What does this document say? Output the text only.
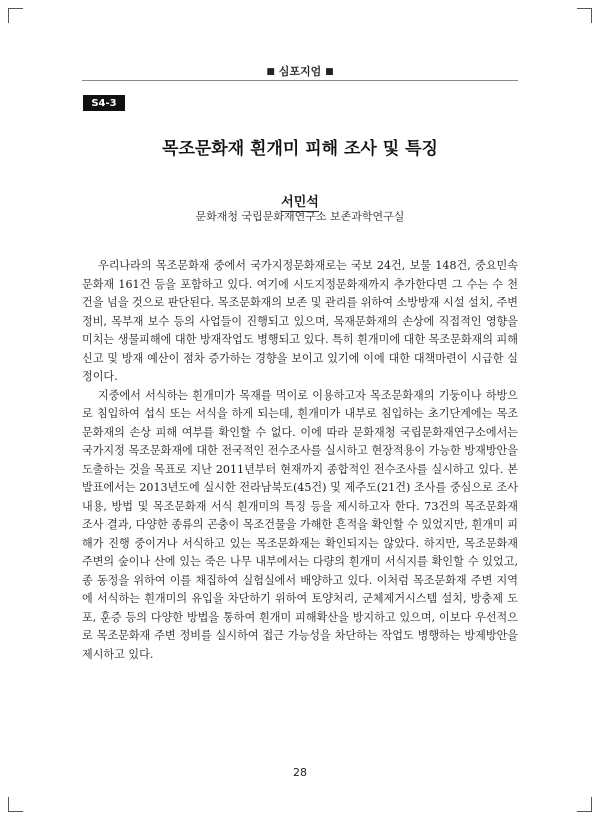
■ 심포지엄 ■
S4-3
목조문화재 흰개미 피해 조사 및 특징
서민석
문화재청 국립문화재연구소 보존과학연구실

우리나라의 목조문화재 중에서 국가지정문화재로는 국보 24건, 보물 148건, 중요민속문화재 161건 등을 포함하고 있다. 여기에 시도지정문화재까지 추가한다면 그 수는 수 천 건을 넘을 것으로 판단된다. 목조문화재의 보존 및 관리를 위하여 소방방재 시설 설치, 주변 정비, 목부재 보수 등의 사업들이 진행되고 있으며, 목재문화재의 손상에 직접적인 영향을 미치는 생물피해에 대한 방재작업도 병행되고 있다. 특히 흰개미에 대한 목조문화재의 피해 신고 및 방재 예산이 점차 증가하는 경향을 보이고 있기에 이에 대한 대책마련이 시급한 실정이다.

지중에서 서식하는 흰개미가 목재를 먹이로 이용하고자 목조문화재의 기둥이나 하방으로 침입하여 섭식 또는 서식을 하게 되는데, 흰개미가 내부로 침입하는 초기단계에는 목조문화재의 손상 피해 여부를 확인할 수 없다. 이에 따라 문화재청 국립문화재연구소에서는 국가지정 목조문화재에 대한 전국적인 전수조사를 실시하고 현장적용이 가능한 방재방안을 도출하는 것을 목표로 지난 2011년부터 현재까지 종합적인 전수조사를 실시하고 있다. 본 발표에서는 2013년도에 실시한 전라남북도(45건) 및 제주도(21건) 조사를 중심으로 조사 내용, 방법 및 목조문화재 서식 흰개미의 특징 등을 제시하고자 한다. 73건의 목조문화재 조사 결과, 다양한 종류의 곤충이 목조건물을 가해한 흔적을 확인할 수 있었지만, 흰개미 피해가 진행 중이거나 서식하고 있는 목조문화재는 확인되지는 않았다. 하지만, 목조문화재 주변의 숲이나 산에 있는 죽은 나무 내부에서는 다량의 흰개미 서식지를 확인할 수 있었고, 종 동정을 위하여 이를 채집하여 실험실에서 배양하고 있다. 이처럼 목조문화재 주변 지역에 서식하는 흰개미의 유입을 차단하기 위하여 토양처리, 군체제거시스템 설치, 방충제 도포, 훈증 등의 다양한 방법을 통하여 흰개미 피해확산을 방지하고 있으며, 이보다 우선적으로 목조문화재 주변 정비를 실시하여 접근 가능성을 차단하는 작업도 병행하는 방제방안을 제시하고 있다.

28
